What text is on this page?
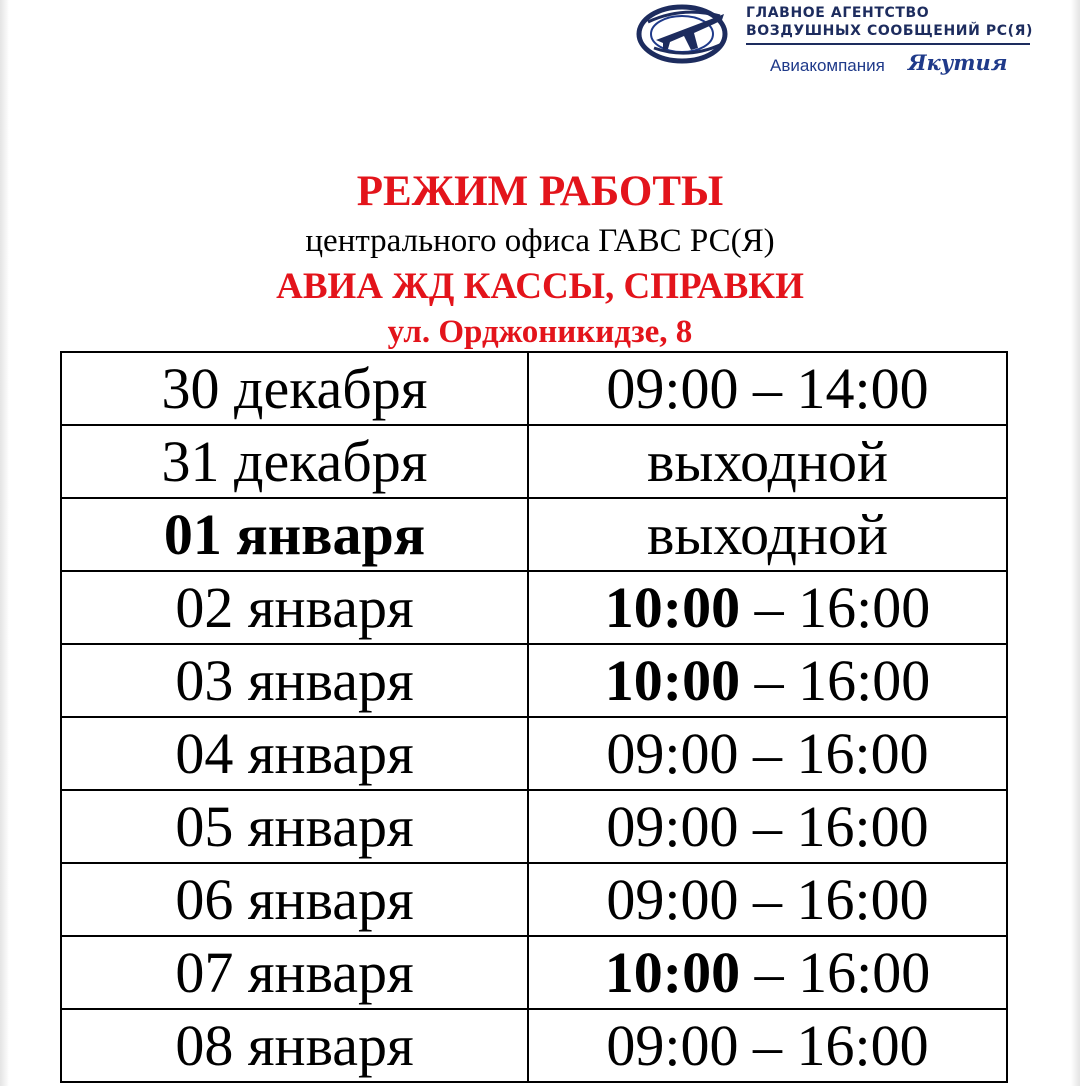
ГЛАВНОЕ АГЕНТСТВО
ВОЗДУШНЫХ СООБЩЕНИЙ РС(Я)
Авиакомпания Якутия
РЕЖИМ РАБОТЫ
центрального офиса ГАВС РС(Я)
АВИА ЖД КАССЫ, СПРАВКИ
ул. Орджоникидзе, 8
30 декабря	09:00 – 14:00
31 декабря	выходной
01 января	выходной
02 января	10:00 – 16:00
03 января	10:00 – 16:00
04 января	09:00 – 16:00
05 января	09:00 – 16:00
06 января	09:00 – 16:00
07 января	10:00 – 16:00
08 января	09:00 – 16:00
